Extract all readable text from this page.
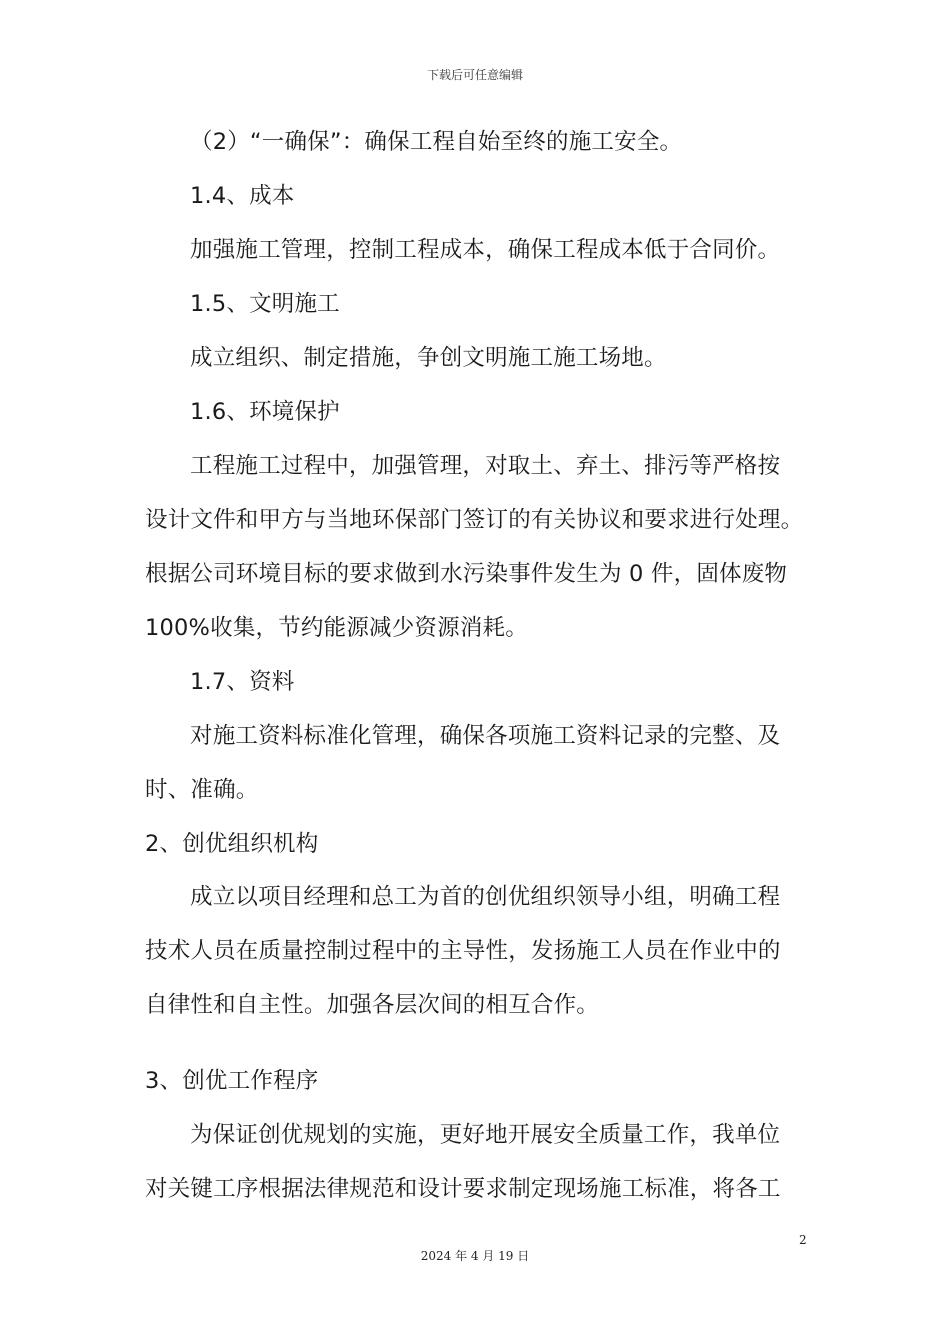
下载后可任意编辑
（2）“一确保”：确保工程自始至终的施工安全。
1.4、成本
加强施工管理，控制工程成本，确保工程成本低于合同价。
1.5、文明施工
成立组织、制定措施，争创文明施工施工场地。
1.6、环境保护
工程施工过程中，加强管理，对取土、弃土、排污等严格按
设计文件和甲方与当地环保部门签订的有关协议和要求进行处理。
根据公司环境目标的要求做到水污染事件发生为 0 件，固体废物
100%收集，节约能源减少资源消耗。
1.7、资料
对施工资料标准化管理，确保各项施工资料记录的完整、及
时、准确。
2、创优组织机构
成立以项目经理和总工为首的创优组织领导小组，明确工程
技术人员在质量控制过程中的主导性，发扬施工人员在作业中的
自律性和自主性。加强各层次间的相互合作。
3、创优工作程序
为保证创优规划的实施，更好地开展安全质量工作，我单位
对关键工序根据法律规范和设计要求制定现场施工标准，将各工
2
2024 年 4 月 19 日
